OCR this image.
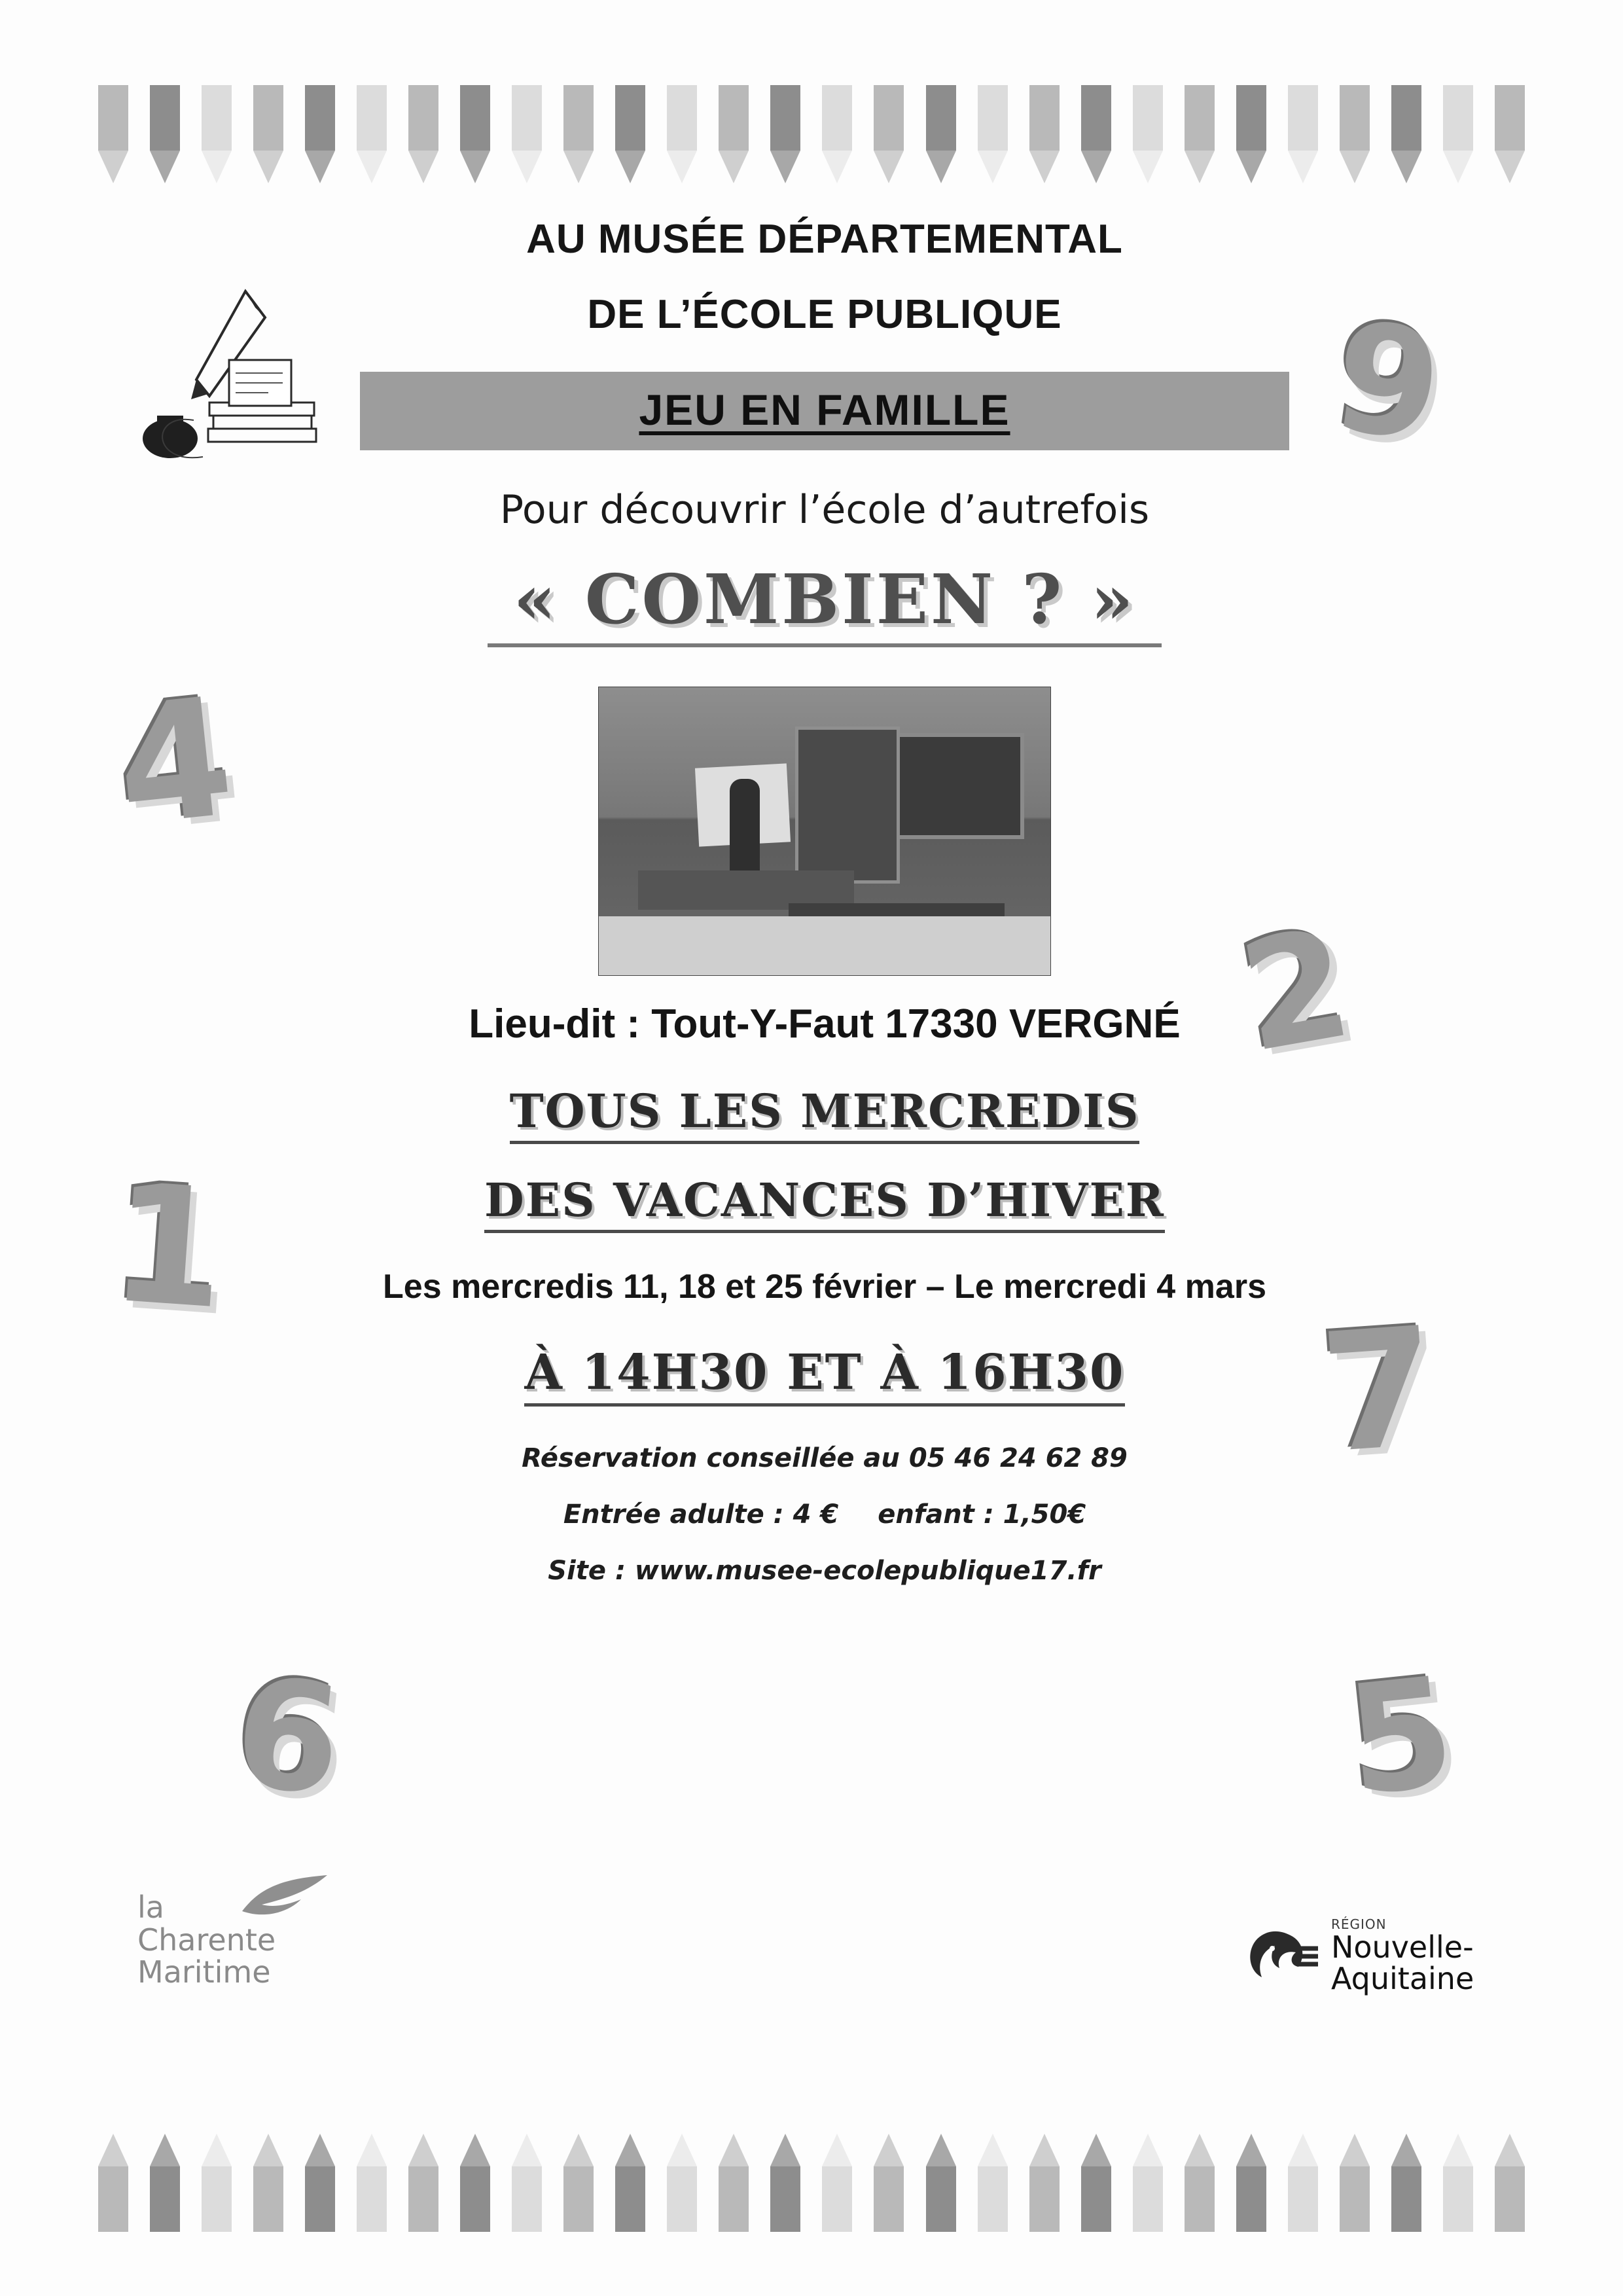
9
4
2
1
7
6	5
AU MUSÉE DÉPARTEMENTAL
DE L’ÉCOLE PUBLIQUE
JEU EN FAMILLE
Pour découvrir l’école d’autrefois
« COMBIEN ? »
Lieu-dit : Tout-Y-Faut 17330 VERGNÉ
TOUS LES MERCREDIS
DES VACANCES D’HIVER
Les mercredis 11, 18 et 25 février – Le mercredi 4 mars
À 14H30 ET À 16H30
Réservation conseillée au 05 46 24 62 89
Entrée adulte : 4 € enfant : 1,50€
Site : www.musee-ecolepublique17.fr
la
Charente
Maritime
RÉGION
Nouvelle-
Aquitaine
